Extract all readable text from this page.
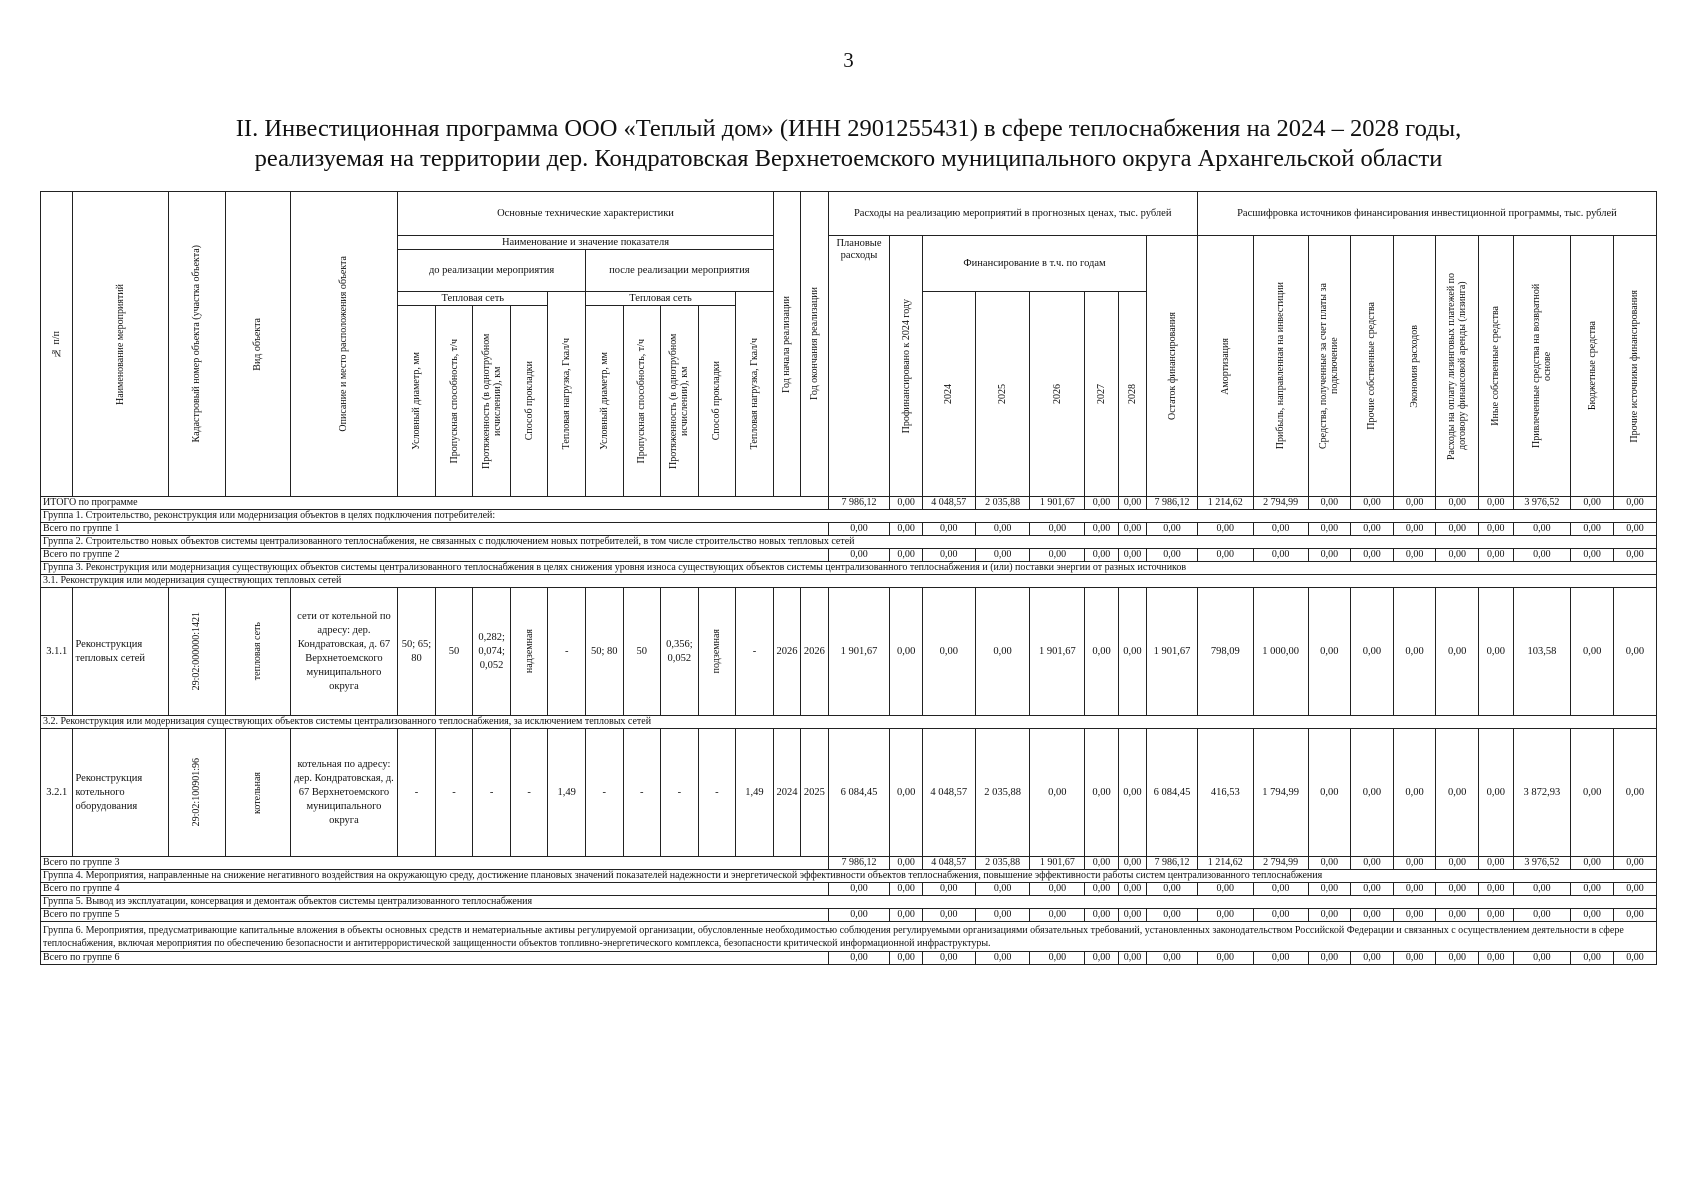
3
II. Инвестиционная программа ООО «Теплый дом» (ИНН 2901255431) в сфере теплоснабжения на 2024 – 2028 годы,
реализуемая на территории дер. Кондратовская Верхнетоемского муниципального округа Архангельской области
№ п/п	Наименование мероприятий	Кадастровый номер объекта (участка объекта)	Вид объекта	Описание и место расположения объекта	Основные технические характеристики										Год начала реализации	Год окончания реализации	Расходы на реализацию мероприятий в прогнозных ценах, тыс. рублей								Расшифровка источников финансирования инвестиционной программы, тыс. рублей									
					Наименование и значение показателя												Плановые расходы	Профинансировано к 2024 году	Финансирование в т.ч. по годам					Остаток финансирования	Амортизация	Прибыль, направленная на инвестиции	Средства, полученные за счет платы за подключение	Прочие собственные средства	Экономия расходов	Расходы на оплату лизинговых платежей по договору финансовой аренды (лизинга)	Иные собственные средства	Привлеченные средства на возвратной основе	Бюджетные средства	Прочие источники финансирования

					до реализации мероприятия					после реализации мероприятия																								
					Тепловая сеть				Тепловая нагрузка, Гкал/ч	Тепловая сеть				Тепловая нагрузка, Гкал/ч					2024	2025	2026	2027	2028											

					Условный диаметр, мм	Пропускная способность, т/ч	Протяженность (в однотрубном исчислении), км	Способ прокладки		Условный диаметр, мм	Пропускная способность, т/ч	Протяженность (в однотрубном исчислении), км	Способ прокладки																					

ИТОГО по программе																	7 986,12	0,00	4 048,57	2 035,88	1 901,67	0,00	0,00	7 986,12	1 214,62	2 794,99	0,00	0,00	0,00	0,00	0,00	3 976,52	0,00	0,00
Группа 1. Строительство, реконструкция или модернизация объектов в целях подключения потребителей:																																		
Всего по группе 1																	0,00	0,00	0,00	0,00	0,00	0,00	0,00	0,00	0,00	0,00	0,00	0,00	0,00	0,00	0,00	0,00	0,00	0,00
Группа 2. Строительство новых объектов системы централизованного теплоснабжения, не связанных с подключением новых потребителей, в том числе строительство новых тепловых сетей																																		
Всего по группе 2																	0,00	0,00	0,00	0,00	0,00	0,00	0,00	0,00	0,00	0,00	0,00	0,00	0,00	0,00	0,00	0,00	0,00	0,00
Группа 3. Реконструкция или модернизация существующих объектов системы централизованного теплоснабжения в целях снижения уровня износа существующих объектов системы централизованного теплоснабжения и (или) поставки энергии от разных источников																																		
3.1. Реконструкция или модернизация существующих тепловых сетей																																		
3.1.1	Реконструкция тепловых сетей	29:02:000000:1421	тепловая сеть	сети от котельной по адресу: дер. Кондратовская, д. 67 Верхнетоемского муниципального округа	50; 65; 80	50	0,282; 0,074; 0,052	надземная	-	50; 80	50	0,356; 0,052	подземная	-	2026	2026	1 901,67	0,00	0,00	0,00	1 901,67	0,00	0,00	1 901,67	798,09	1 000,00	0,00	0,00	0,00	0,00	0,00	103,58	0,00	0,00
3.2. Реконструкция или модернизация существующих объектов системы централизованного теплоснабжения, за исключением тепловых сетей																																		
3.2.1	Реконструкция котельного оборудования	29:02:100901:96	котельная	котельная по адресу: дер. Кондратовская, д. 67 Верхнетоемского муниципального округа	-	-	-	-	1,49	-	-	-	-	1,49	2024	2025	6 084,45	0,00	4 048,57	2 035,88	0,00	0,00	0,00	6 084,45	416,53	1 794,99	0,00	0,00	0,00	0,00	0,00	3 872,93	0,00	0,00
Всего по группе 3																	7 986,12	0,00	4 048,57	2 035,88	1 901,67	0,00	0,00	7 986,12	1 214,62	2 794,99	0,00	0,00	0,00	0,00	0,00	3 976,52	0,00	0,00
Группа 4. Мероприятия, направленные на снижение негативного воздействия на окружающую среду, достижение плановых значений показателей надежности и энергетической эффективности объектов теплоснабжения, повышение эффективности работы систем централизованного теплоснабжения																																		
Всего по группе 4																	0,00	0,00	0,00	0,00	0,00	0,00	0,00	0,00	0,00	0,00	0,00	0,00	0,00	0,00	0,00	0,00	0,00	0,00
Группа 5. Вывод из эксплуатации, консервация и демонтаж объектов системы централизованного теплоснабжения																																		
Всего по группе 5																	0,00	0,00	0,00	0,00	0,00	0,00	0,00	0,00	0,00	0,00	0,00	0,00	0,00	0,00	0,00	0,00	0,00	0,00
Группа 6. Мероприятия, предусматривающие капитальные вложения в объекты основных средств и нематериальные активы регулируемой организации, обусловленные необходимостью соблюдения регулируемыми организациями обязательных требований, установленных законодательством Российской Федерации и связанных с осуществлением деятельности в сфере теплоснабжения, включая мероприятия по обеспечению безопасности и антитеррористической защищенности объектов топливно-энергетического комплекса, безопасности критической информационной инфраструктуры.																																		
Всего по группе 6																	0,00	0,00	0,00	0,00	0,00	0,00	0,00	0,00	0,00	0,00	0,00	0,00	0,00	0,00	0,00	0,00	0,00	0,00
